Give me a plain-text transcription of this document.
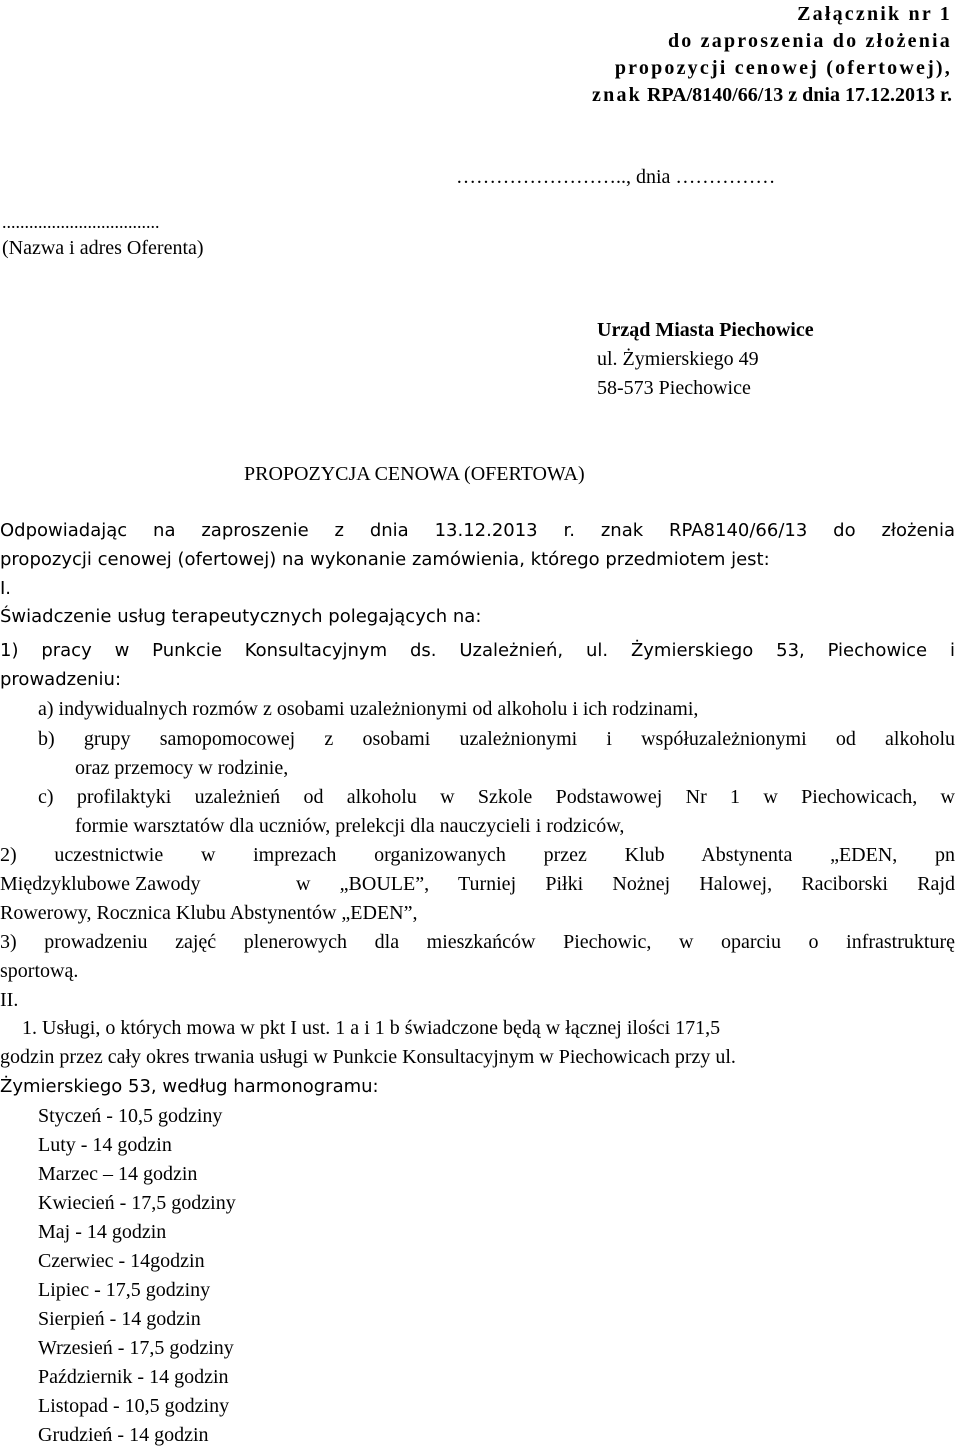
Załącznik nr 1
do zaproszenia do złożenia
propozycji cenowej (ofertowej),
znak RPA/8140/66/13 z dnia 17.12.2013 r.
…………………….., dnia ……………
...................................
(Nazwa i adres Oferenta)
Urząd Miasta Piechowice
ul. Żymierskiego 49
58-573 Piechowice
PROPOZYCJA CENOWA (OFERTOWA)
Odpowiadając na zaproszenie z dnia 13.12.2013 r. znak RPA8140/66/13 do złożenia
propozycji cenowej (ofertowej) na wykonanie zamówienia, którego przedmiotem jest:
I.
Świadczenie usług terapeutycznych polegających na:
1) pracy w Punkcie Konsultacyjnym ds. Uzależnień, ul. Żymierskiego 53, Piechowice i
prowadzeniu:
a) indywidualnych rozmów z osobami uzależnionymi od alkoholu i ich rodzinami,
b) grupy samopomocowej z osobami uzależnionymi i współuzależnionymi od alkoholu
oraz przemocy w rodzinie,
c) profilaktyki uzależnień od alkoholu w Szkole Podstawowej Nr 1 w Piechowicach, w
formie warsztatów dla uczniów, prelekcji dla nauczycieli i rodziców,
2) uczestnictwie w imprezach organizowanych przez Klub Abstynenta „EDEN, pn
Międzyklubowe Zawody	w „BOULE”, Turniej Piłki Nożnej Halowej, Raciborski Rajd
Rowerowy, Rocznica Klubu Abstynentów „EDEN”,
3) prowadzeniu zajęć plenerowych dla mieszkańców Piechowic, w oparciu o infrastrukturę
sportową.
II.
1. Usługi, o których mowa w pkt I ust. 1 a i 1 b świadczone będą w łącznej ilości 171,5
godzin przez cały okres trwania usługi w Punkcie Konsultacyjnym w Piechowicach przy ul.
Żymierskiego 53, według harmonogramu:
Styczeń - 10,5 godziny
Luty - 14 godzin
Marzec – 14 godzin
Kwiecień - 17,5 godziny
Maj - 14 godzin
Czerwiec - 14godzin
Lipiec - 17,5 godziny
Sierpień - 14 godzin
Wrzesień - 17,5 godziny
Październik - 14 godzin
Listopad - 10,5 godziny
Grudzień - 14 godzin
